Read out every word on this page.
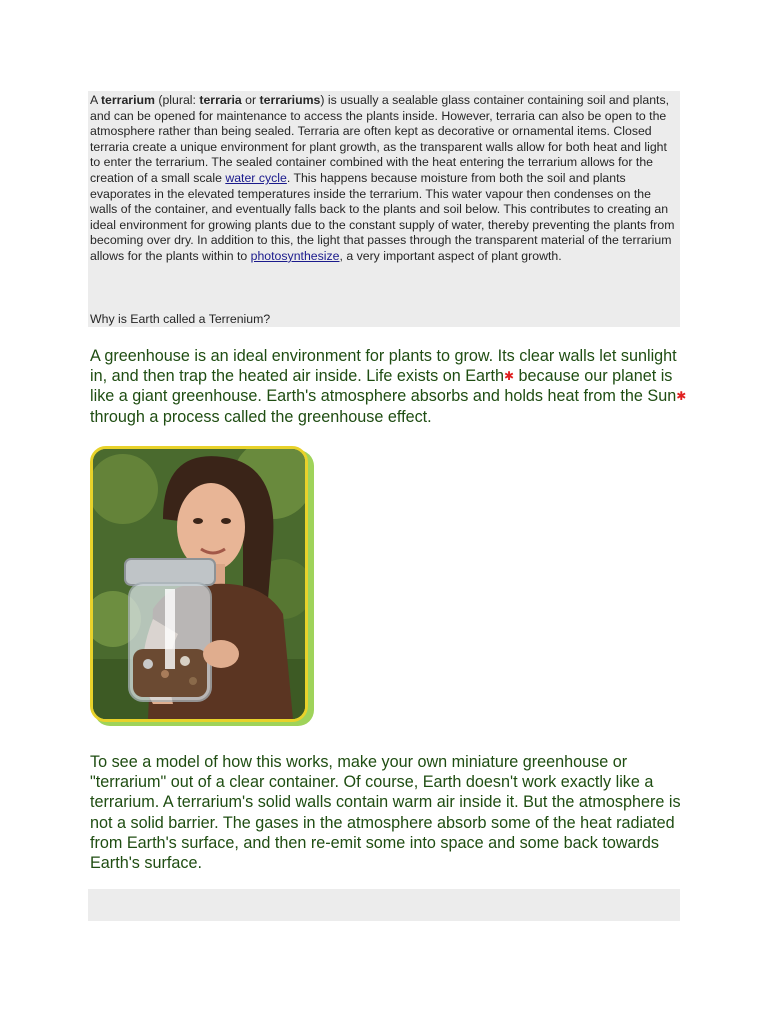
A terrarium (plural: terraria or terrariums) is usually a sealable glass container containing soil and plants, and can be opened for maintenance to access the plants inside. However, terraria can also be open to the atmosphere rather than being sealed. Terraria are often kept as decorative or ornamental items. Closed terraria create a unique environment for plant growth, as the transparent walls allow for both heat and light to enter the terrarium. The sealed container combined with the heat entering the terrarium allows for the creation of a small scale water cycle. This happens because moisture from both the soil and plants evaporates in the elevated temperatures inside the terrarium. This water vapour then condenses on the walls of the container, and eventually falls back to the plants and soil below. This contributes to creating an ideal environment for growing plants due to the constant supply of water, thereby preventing the plants from becoming over dry. In addition to this, the light that passes through the transparent material of the terrarium allows for the plants within to photosynthesize, a very important aspect of plant growth.

Why is Earth called a Terrenium?

A greenhouse is an ideal environment for plants to grow. Its clear walls let sunlight in, and then trap the heated air inside. Life exists on Earth✱ because our planet is like a giant greenhouse. Earth's atmosphere absorbs and holds heat from the Sun✱ through a process called the greenhouse effect.

To see a model of how this works, make your own miniature greenhouse or "terrarium" out of a clear container. Of course, Earth doesn't work exactly like a terrarium. A terrarium's solid walls contain warm air inside it. But the atmosphere is not a solid barrier. The gases in the atmosphere absorb some of the heat radiated from Earth's surface, and then re-emit some into space and some back towards Earth's surface.
